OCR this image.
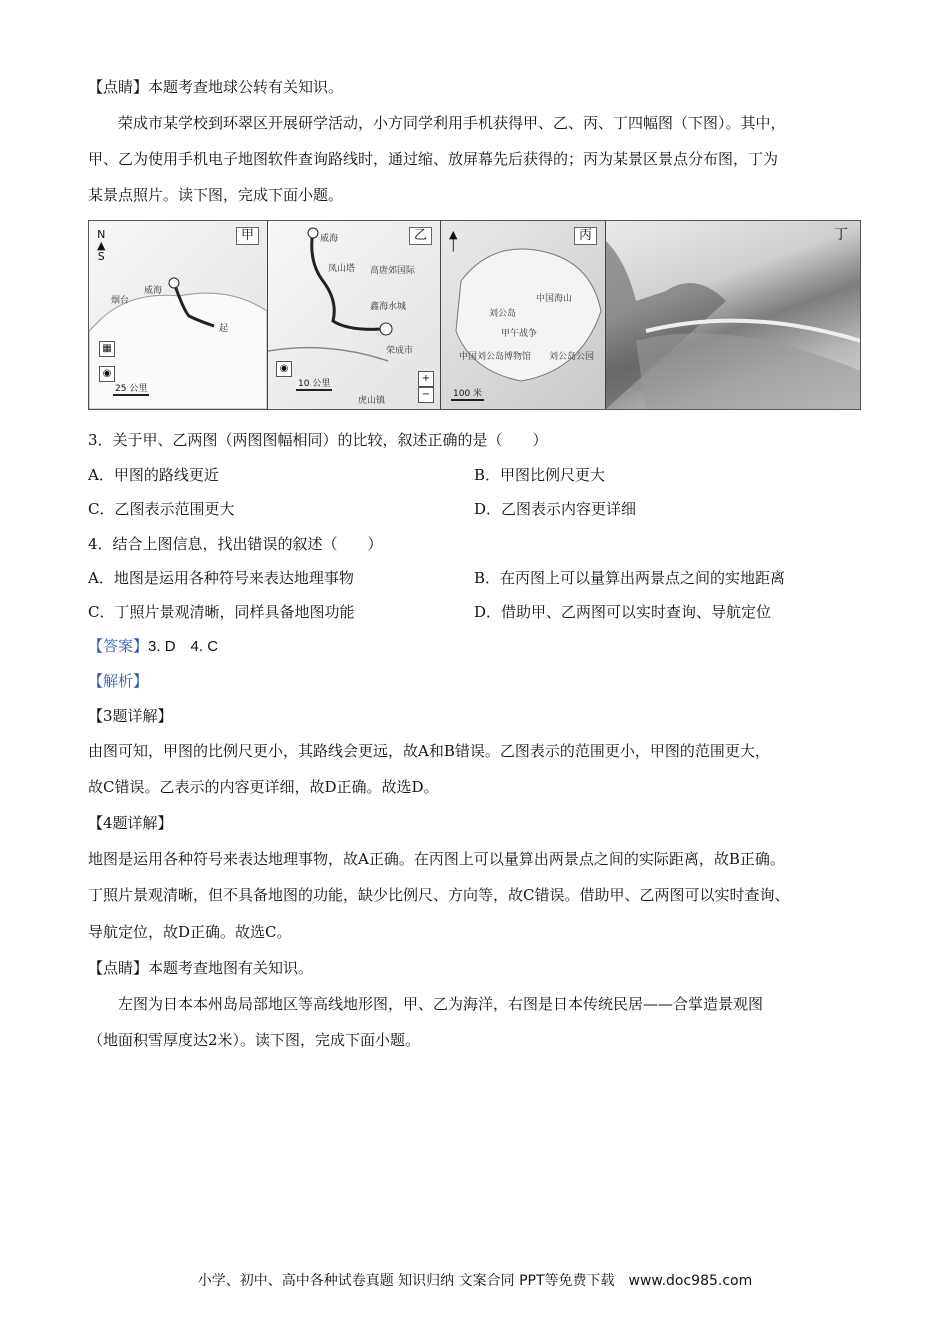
【点睛】本题考查地球公转有关知识。
荣成市某学校到环翠区开展研学活动，小方同学利用手机获得甲、乙、丙、丁四幅图（下图）。其中，
甲、乙为使用手机电子地图软件查询路线时，通过缩、放屏幕先后获得的；丙为某景区景点分布图，丁为
某景点照片。读下图，完成下面小题。
N
▲
S
甲
烟台
威海
起
▦
◉
25 公里
乙
威海
凤山塔 高唐郊国际
鑫海水城
荣成市
虎山镇
◉
10 公里	+
−
▲
│
丙
中国海山
刘公岛
中国刘公岛博物馆
甲午战争
刘公岛公园
100 米
丁
3．关于甲、乙两图（两图图幅相同）的比较，叙述正确的是（　　）
A．甲图的路线更近	B．甲图比例尺更大
C．乙图表示范围更大	D．乙图表示内容更详细
4．结合上图信息，找出错误的叙述（　　）
A．地图是运用各种符号来表达地理事物	B．在丙图上可以量算出两景点之间的实地距离
C．丁照片景观清晰，同样具备地图功能	D．借助甲、乙两图可以实时查询、导航定位
【答案】3. D　4. C
【解析】
【3题详解】
由图可知，甲图的比例尺更小，其路线会更远，故A和B错误。乙图表示的范围更小，甲图的范围更大，
故C错误。乙表示的内容更详细，故D正确。故选D。
【4题详解】
地图是运用各种符号来表达地理事物，故A正确。在丙图上可以量算出两景点之间的实际距离，故B正确。
丁照片景观清晰，但不具备地图的功能，缺少比例尺、方向等，故C错误。借助甲、乙两图可以实时查询、
导航定位，故D正确。故选C。
【点睛】本题考查地图有关知识。
左图为日本本州岛局部地区等高线地形图，甲、乙为海洋，右图是日本传统民居——合掌造景观图
（地面积雪厚度达2米）。读下图，完成下面小题。
小学、初中、高中各种试卷真题 知识归纳 文案合同 PPT等免费下载　www.doc985.com
